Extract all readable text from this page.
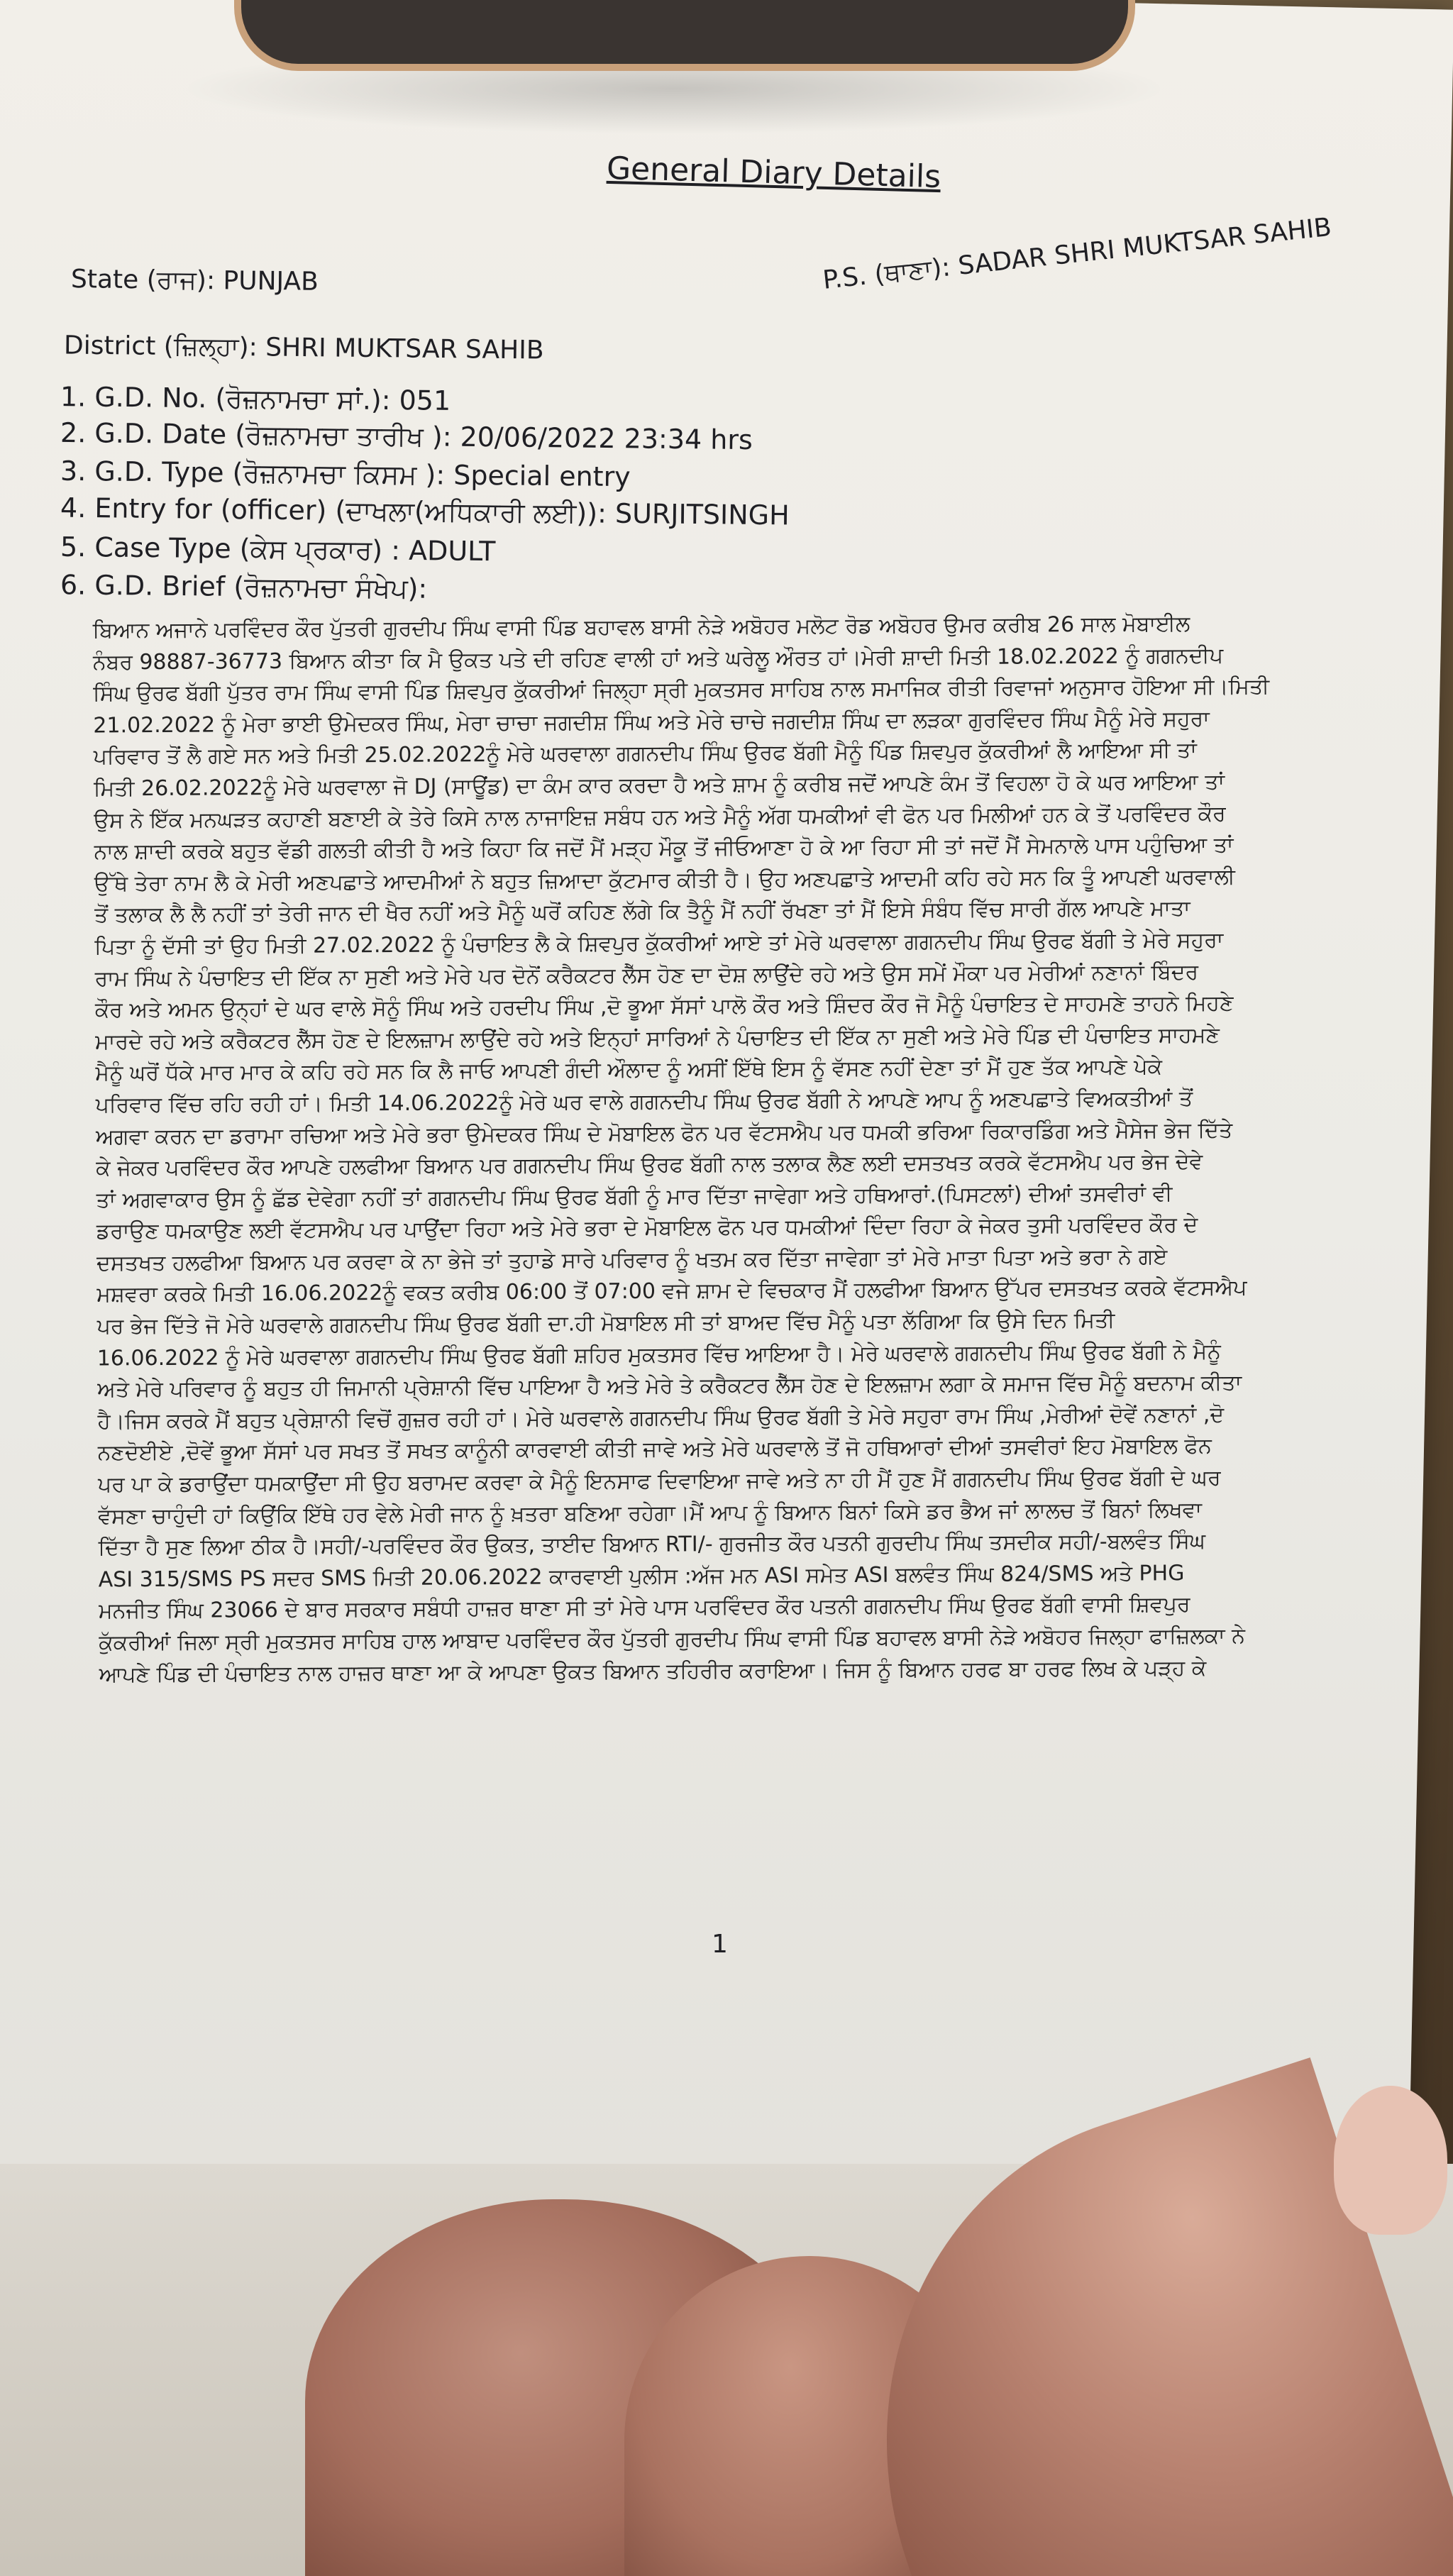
General Diary Details
State (ਰਾਜ): PUNJAB
District (ਜ਼ਿਲ੍ਹਾ): SHRI MUKTSAR SAHIB
P.S. (ਥਾਣਾ): SADAR SHRI MUKTSAR SAHIB
1. G.D. No. (ਰੋਜ਼ਨਾਮਚਾ ਸਾਂ.): 051
2. G.D. Date (ਰੋਜ਼ਨਾਮਚਾ ਤਾਰੀਖ ): 20/06/2022 23:34 hrs
3. G.D. Type (ਰੋਜ਼ਨਾਮਚਾ ਕਿਸਮ ): Special entry
4. Entry for (officer) (ਦਾਖਲਾ(ਅਧਿਕਾਰੀ ਲਈ)): SURJITSINGH
5. Case Type (ਕੇਸ ਪ੍ਰਕਾਰ) : ADULT
6. G.D. Brief (ਰੋਜ਼ਨਾਮਚਾ ਸੰਖੇਪ):
ਬਿਆਨ ਅਜਾਨੇ ਪਰਵਿੰਦਰ ਕੌਰ ਪੁੱਤਰੀ ਗੁਰਦੀਪ ਸਿੰਘ ਵਾਸੀ ਪਿੰਡ ਬਹਾਵਲ ਬਾਸੀ ਨੇੜੇ ਅਬੋਹਰ ਮਲੋਟ ਰੋਡ ਅਬੋਹਰ ਉਮਰ ਕਰੀਬ 26 ਸਾਲ ਮੋਬਾਈਲ
ਨੰਬਰ 98887-36773 ਬਿਆਨ ਕੀਤਾ ਕਿ ਮੈ ਉਕਤ ਪਤੇ ਦੀ ਰਹਿਣ ਵਾਲੀ ਹਾਂ ਅਤੇ ਘਰੇਲੂ ਔਰਤ ਹਾਂ।ਮੇਰੀ ਸ਼ਾਦੀ ਮਿਤੀ 18.02.2022 ਨੂੰ ਗਗਨਦੀਪ
ਸਿੰਘ ਉਰਫ ਬੱਗੀ ਪੁੱਤਰ ਰਾਮ ਸਿੰਘ ਵਾਸੀ ਪਿੰਡ ਸ਼ਿਵਪੁਰ ਕੁੱਕਰੀਆਂ ਜਿਲ੍ਹਾ ਸ੍ਰੀ ਮੁਕਤਸਰ ਸਾਹਿਬ ਨਾਲ ਸਮਾਜਿਕ ਰੀਤੀ ਰਿਵਾਜਾਂ ਅਨੁਸਾਰ ਹੋਇਆ ਸੀ।ਮਿਤੀ
21.02.2022 ਨੂੰ ਮੇਰਾ ਭਾਈ ਉਮੇਦਕਰ ਸਿੰਘ, ਮੇਰਾ ਚਾਚਾ ਜਗਦੀਸ਼ ਸਿੰਘ ਅਤੇ ਮੇਰੇ ਚਾਚੇ ਜਗਦੀਸ਼ ਸਿੰਘ ਦਾ ਲੜਕਾ ਗੁਰਵਿੰਦਰ ਸਿੰਘ ਮੈਨੂੰ ਮੇਰੇ ਸਹੁਰਾ
ਪਰਿਵਾਰ ਤੋਂ ਲੈ ਗਏ ਸਨ ਅਤੇ ਮਿਤੀ 25.02.2022ਨੂੰ ਮੇਰੇ ਘਰਵਾਲਾ ਗਗਨਦੀਪ ਸਿੰਘ ਉਰਫ ਬੱਗੀ ਮੈਨੂੰ ਪਿੰਡ ਸ਼ਿਵਪੁਰ ਕੁੱਕਰੀਆਂ ਲੈ ਆਇਆ ਸੀ ਤਾਂ
ਮਿਤੀ 26.02.2022ਨੂੰ ਮੇਰੇ ਘਰਵਾਲਾ ਜੋ DJ (ਸਾਊਂਡ) ਦਾ ਕੰਮ ਕਾਰ ਕਰਦਾ ਹੈ ਅਤੇ ਸ਼ਾਮ ਨੂੰ ਕਰੀਬ ਜਦੋਂ ਆਪਣੇ ਕੰਮ ਤੋਂ ਵਿਹਲਾ ਹੋ ਕੇ ਘਰ ਆਇਆ ਤਾਂ
ਉਸ ਨੇ ਇੱਕ ਮਨਘੜਤ ਕਹਾਣੀ ਬਣਾਈ ਕੇ ਤੇਰੇ ਕਿਸੇ ਨਾਲ ਨਾਜਾਇਜ਼ ਸਬੰਧ ਹਨ ਅਤੇ ਮੈਨੂੰ ਅੱਗ ਧਮਕੀਆਂ ਵੀ ਫੋਨ ਪਰ ਮਿਲੀਆਂ ਹਨ ਕੇ ਤੋਂ ਪਰਵਿੰਦਰ ਕੌਰ
ਨਾਲ ਸ਼ਾਦੀ ਕਰਕੇ ਬਹੁਤ ਵੱਡੀ ਗਲਤੀ ਕੀਤੀ ਹੈ ਅਤੇ ਕਿਹਾ ਕਿ ਜਦੋਂ ਮੈਂ ਮੜ੍ਹ ਮੌਕੂ ਤੋਂ ਜੀਓਆਣਾ ਹੋ ਕੇ ਆ ਰਿਹਾ ਸੀ ਤਾਂ ਜਦੋਂ ਮੈਂ ਸੇਮਨਾਲੇ ਪਾਸ ਪਹੁੰਚਿਆ ਤਾਂ
ਉੱਥੇ ਤੇਰਾ ਨਾਮ ਲੈ ਕੇ ਮੇਰੀ ਅਣਪਛਾਤੇ ਆਦਮੀਆਂ ਨੇ ਬਹੁਤ ਜ਼ਿਆਦਾ ਕੁੱਟਮਾਰ ਕੀਤੀ ਹੈ। ਉਹ ਅਣਪਛਾਤੇ ਆਦਮੀ ਕਹਿ ਰਹੇ ਸਨ ਕਿ ਤੂੰ ਆਪਣੀ ਘਰਵਾਲੀ
ਤੋਂ ਤਲਾਕ ਲੈ ਲੈ ਨਹੀਂ ਤਾਂ ਤੇਰੀ ਜਾਨ ਦੀ ਖੈਰ ਨਹੀਂ ਅਤੇ ਮੈਨੂੰ ਘਰੋਂ ਕਹਿਣ ਲੱਗੇ ਕਿ ਤੈਨੂੰ ਮੈਂ ਨਹੀਂ ਰੱਖਣਾ ਤਾਂ ਮੈਂ ਇਸੇ ਸੰਬੰਧ ਵਿੱਚ ਸਾਰੀ ਗੱਲ ਆਪਣੇ ਮਾਤਾ
ਪਿਤਾ ਨੂੰ ਦੱਸੀ ਤਾਂ ਉਹ ਮਿਤੀ 27.02.2022 ਨੂੰ ਪੰਚਾਇਤ ਲੈ ਕੇ ਸ਼ਿਵਪੁਰ ਕੁੱਕਰੀਆਂ ਆਏ ਤਾਂ ਮੇਰੇ ਘਰਵਾਲਾ ਗਗਨਦੀਪ ਸਿੰਘ ਉਰਫ ਬੱਗੀ ਤੇ ਮੇਰੇ ਸਹੁਰਾ
ਰਾਮ ਸਿੰਘ ਨੇ ਪੰਚਾਇਤ ਦੀ ਇੱਕ ਨਾ ਸੁਣੀ ਅਤੇ ਮੇਰੇ ਪਰ ਦੋਨੋਂ ਕਰੈਕਟਰ ਲੈੱਸ ਹੋਣ ਦਾ ਦੋਸ਼ ਲਾਉਂਦੇ ਰਹੇ ਅਤੇ ਉਸ ਸਮੇਂ ਮੌਕਾ ਪਰ ਮੇਰੀਆਂ ਨਣਾਨਾਂ ਬਿੰਦਰ
ਕੌਰ ਅਤੇ ਅਮਨ ਉਨ੍ਹਾਂ ਦੇ ਘਰ ਵਾਲੇ ਸੋਨੂੰ ਸਿੰਘ ਅਤੇ ਹਰਦੀਪ ਸਿੰਘ ,ਦੋ ਭੂਆ ਸੱਸਾਂ ਪਾਲੋ ਕੌਰ ਅਤੇ ਸ਼ਿੰਦਰ ਕੌਰ ਜੋ ਮੈਨੂੰ ਪੰਚਾਇਤ ਦੇ ਸਾਹਮਣੇ ਤਾਹਨੇ ਮਿਹਣੇ
ਮਾਰਦੇ ਰਹੇ ਅਤੇ ਕਰੈਕਟਰ ਲੈੱਸ ਹੋਣ ਦੇ ਇਲਜ਼ਾਮ ਲਾਉਂਦੇ ਰਹੇ ਅਤੇ ਇਨ੍ਹਾਂ ਸਾਰਿਆਂ ਨੇ ਪੰਚਾਇਤ ਦੀ ਇੱਕ ਨਾ ਸੁਣੀ ਅਤੇ ਮੇਰੇ ਪਿੰਡ ਦੀ ਪੰਚਾਇਤ ਸਾਹਮਣੇ
ਮੈਨੂੰ ਘਰੋਂ ਧੱਕੇ ਮਾਰ ਮਾਰ ਕੇ ਕਹਿ ਰਹੇ ਸਨ ਕਿ ਲੈ ਜਾਓ ਆਪਣੀ ਗੰਦੀ ਔਲਾਦ ਨੂੰ ਅਸੀਂ ਇੱਥੇ ਇਸ ਨੂੰ ਵੱਸਣ ਨਹੀਂ ਦੇਣਾ ਤਾਂ ਮੈਂ ਹੁਣ ਤੱਕ ਆਪਣੇ ਪੇਕੇ
ਪਰਿਵਾਰ ਵਿੱਚ ਰਹਿ ਰਹੀ ਹਾਂ। ਮਿਤੀ 14.06.2022ਨੂੰ ਮੇਰੇ ਘਰ ਵਾਲੇ ਗਗਨਦੀਪ ਸਿੰਘ ਉਰਫ ਬੱਗੀ ਨੇ ਆਪਣੇ ਆਪ ਨੂੰ ਅਣਪਛਾਤੇ ਵਿਅਕਤੀਆਂ ਤੋਂ
ਅਗਵਾ ਕਰਨ ਦਾ ਡਰਾਮਾ ਰਚਿਆ ਅਤੇ ਮੇਰੇ ਭਰਾ ਉਮੇਦਕਰ ਸਿੰਘ ਦੇ ਮੋਬਾਇਲ ਫੋਨ ਪਰ ਵੱਟਸਐਪ ਪਰ ਧਮਕੀ ਭਰਿਆ ਰਿਕਾਰਡਿੰਗ ਅਤੇ ਮੈਸੇਜ ਭੇਜ ਦਿੱਤੇ
ਕੇ ਜੇਕਰ ਪਰਵਿੰਦਰ ਕੌਰ ਆਪਣੇ ਹਲਫੀਆ ਬਿਆਨ ਪਰ ਗਗਨਦੀਪ ਸਿੰਘ ਉਰਫ ਬੱਗੀ ਨਾਲ ਤਲਾਕ ਲੈਣ ਲਈ ਦਸਤਖਤ ਕਰਕੇ ਵੱਟਸਐਪ ਪਰ ਭੇਜ ਦੇਵੇ
ਤਾਂ ਅਗਵਾਕਾਰ ਉਸ ਨੂੰ ਛੱਡ ਦੇਵੇਗਾ ਨਹੀਂ ਤਾਂ ਗਗਨਦੀਪ ਸਿੰਘ ਉਰਫ ਬੱਗੀ ਨੂੰ ਮਾਰ ਦਿੱਤਾ ਜਾਵੇਗਾ ਅਤੇ ਹਥਿਆਰਾਂ.(ਪਿਸਟਲਾਂ) ਦੀਆਂ ਤਸਵੀਰਾਂ ਵੀ
ਡਰਾਉਣ ਧਮਕਾਉਣ ਲਈ ਵੱਟਸਐਪ ਪਰ ਪਾਉਂਦਾ ਰਿਹਾ ਅਤੇ ਮੇਰੇ ਭਰਾ ਦੇ ਮੋਬਾਇਲ ਫੋਨ ਪਰ ਧਮਕੀਆਂ ਦਿੰਦਾ ਰਿਹਾ ਕੇ ਜੇਕਰ ਤੁਸੀ ਪਰਵਿੰਦਰ ਕੌਰ ਦੇ
ਦਸਤਖਤ ਹਲਫੀਆ ਬਿਆਨ ਪਰ ਕਰਵਾ ਕੇ ਨਾ ਭੇਜੇ ਤਾਂ ਤੁਹਾਡੇ ਸਾਰੇ ਪਰਿਵਾਰ ਨੂੰ ਖਤਮ ਕਰ ਦਿੱਤਾ ਜਾਵੇਗਾ ਤਾਂ ਮੇਰੇ ਮਾਤਾ ਪਿਤਾ ਅਤੇ ਭਰਾ ਨੇ ਗਏ
ਮਸ਼ਵਰਾ ਕਰਕੇ ਮਿਤੀ 16.06.2022ਨੂੰ ਵਕਤ ਕਰੀਬ 06:00 ਤੋਂ 07:00 ਵਜੇ ਸ਼ਾਮ ਦੇ ਵਿਚਕਾਰ ਮੈਂ ਹਲਫੀਆ ਬਿਆਨ ਉੱਪਰ ਦਸਤਖਤ ਕਰਕੇ ਵੱਟਸਐਪ
ਪਰ ਭੇਜ ਦਿੱਤੇ ਜੋ ਮੇਰੇ ਘਰਵਾਲੇ ਗਗਨਦੀਪ ਸਿੰਘ ਉਰਫ ਬੱਗੀ ਦਾ.ਹੀ ਮੋਬਾਇਲ ਸੀ ਤਾਂ ਬਾਅਦ ਵਿੱਚ ਮੈਨੂੰ ਪਤਾ ਲੱਗਿਆ ਕਿ ਉਸੇ ਦਿਨ ਮਿਤੀ
16.06.2022 ਨੂੰ ਮੇਰੇ ਘਰਵਾਲਾ ਗਗਨਦੀਪ ਸਿੰਘ ਉਰਫ ਬੱਗੀ ਸ਼ਹਿਰ ਮੁਕਤਸਰ ਵਿੱਚ ਆਇਆ ਹੈ। ਮੇਰੇ ਘਰਵਾਲੇ ਗਗਨਦੀਪ ਸਿੰਘ ਉਰਫ ਬੱਗੀ ਨੇ ਮੈਨੂੰ
ਅਤੇ ਮੇਰੇ ਪਰਿਵਾਰ ਨੂੰ ਬਹੁਤ ਹੀ ਜਿਮਾਨੀ ਪ੍ਰੇਸ਼ਾਨੀ ਵਿੱਚ ਪਾਇਆ ਹੈ ਅਤੇ ਮੇਰੇ ਤੇ ਕਰੈਕਟਰ ਲੈੱਸ ਹੋਣ ਦੇ ਇਲਜ਼ਾਮ ਲਗਾ ਕੇ ਸਮਾਜ ਵਿੱਚ ਮੈਨੂੰ ਬਦਨਾਮ ਕੀਤਾ
ਹੈ।ਜਿਸ ਕਰਕੇ ਮੈਂ ਬਹੁਤ ਪ੍ਰੇਸ਼ਾਨੀ ਵਿਚੋਂ ਗੁਜ਼ਰ ਰਹੀ ਹਾਂ। ਮੇਰੇ ਘਰਵਾਲੇ ਗਗਨਦੀਪ ਸਿੰਘ ਉਰਫ ਬੱਗੀ ਤੇ ਮੇਰੇ ਸਹੁਰਾ ਰਾਮ ਸਿੰਘ ,ਮੇਰੀਆਂ ਦੋਵੇਂ ਨਣਾਨਾਂ ,ਦੋ
ਨਣਦੋਈਏ ,ਦੋਵੇਂ ਭੂਆ ਸੱਸਾਂ ਪਰ ਸਖਤ ਤੋਂ ਸਖਤ ਕਾਨੂੰਨੀ ਕਾਰਵਾਈ ਕੀਤੀ ਜਾਵੇ ਅਤੇ ਮੇਰੇ ਘਰਵਾਲੇ ਤੋਂ ਜੋ ਹਥਿਆਰਾਂ ਦੀਆਂ ਤਸਵੀਰਾਂ ਇਹ ਮੋਬਾਇਲ ਫੋਨ
ਪਰ ਪਾ ਕੇ ਡਰਾਉਂਦਾ ਧਮਕਾਉਂਦਾ ਸੀ ਉਹ ਬਰਾਮਦ ਕਰਵਾ ਕੇ ਮੈਨੂੰ ਇਨਸਾਫ ਦਿਵਾਇਆ ਜਾਵੇ ਅਤੇ ਨਾ ਹੀ ਮੈਂ ਹੁਣ ਮੈਂ ਗਗਨਦੀਪ ਸਿੰਘ ਉਰਫ ਬੱਗੀ ਦੇ ਘਰ
ਵੱਸਣਾ ਚਾਹੁੰਦੀ ਹਾਂ ਕਿਉਂਕਿ ਇੱਥੇ ਹਰ ਵੇਲੇ ਮੇਰੀ ਜਾਨ ਨੂੰ ਖ਼ਤਰਾ ਬਣਿਆ ਰਹੇਗਾ।ਮੈਂ ਆਪ ਨੂੰ ਬਿਆਨ ਬਿਨਾਂ ਕਿਸੇ ਡਰ ਭੈਅ ਜਾਂ ਲਾਲਚ ਤੋਂ ਬਿਨਾਂ ਲਿਖਵਾ
ਦਿੱਤਾ ਹੈ ਸੁਣ ਲਿਆ ਠੀਕ ਹੈ।ਸਹੀ/-ਪਰਵਿੰਦਰ ਕੌਰ ਉਕਤ, ਤਾਈਦ ਬਿਆਨ RTI/- ਗੁਰਜੀਤ ਕੌਰ ਪਤਨੀ ਗੁਰਦੀਪ ਸਿੰਘ ਤਸਦੀਕ ਸਹੀ/-ਬਲਵੰਤ ਸਿੰਘ
ASI 315/SMS PS ਸਦਰ SMS ਮਿਤੀ 20.06.2022 ਕਾਰਵਾਈ ਪੁਲੀਸ :ਅੱਜ ਮਨ ASI ਸਮੇਤ ASI ਬਲਵੰਤ ਸਿੰਘ 824/SMS ਅਤੇ PHG
ਮਨਜੀਤ ਸਿੰਘ 23066 ਦੇ ਬਾਰ ਸਰਕਾਰ ਸਬੰਧੀ ਹਾਜ਼ਰ ਥਾਣਾ ਸੀ ਤਾਂ ਮੇਰੇ ਪਾਸ ਪਰਵਿੰਦਰ ਕੌਰ ਪਤਨੀ ਗਗਨਦੀਪ ਸਿੰਘ ਉਰਫ ਬੱਗੀ ਵਾਸੀ ਸ਼ਿਵਪੁਰ
ਕੁੱਕਰੀਆਂ ਜਿਲਾ ਸ੍ਰੀ ਮੁਕਤਸਰ ਸਾਹਿਬ ਹਾਲ ਆਬਾਦ ਪਰਵਿੰਦਰ ਕੌਰ ਪੁੱਤਰੀ ਗੁਰਦੀਪ ਸਿੰਘ ਵਾਸੀ ਪਿੰਡ ਬਹਾਵਲ ਬਾਸੀ ਨੇੜੇ ਅਬੋਹਰ ਜਿਲ੍ਹਾ ਫਾਜ਼ਿਲਕਾ ਨੇ
ਆਪਣੇ ਪਿੰਡ ਦੀ ਪੰਚਾਇਤ ਨਾਲ ਹਾਜ਼ਰ ਥਾਣਾ ਆ ਕੇ ਆਪਣਾ ਉਕਤ ਬਿਆਨ ਤਹਿਰੀਰ ਕਰਾਇਆ। ਜਿਸ ਨੂੰ ਬਿਆਨ ਹਰਫ ਬਾ ਹਰਫ ਲਿਖ ਕੇ ਪੜ੍ਹ ਕੇ
1
